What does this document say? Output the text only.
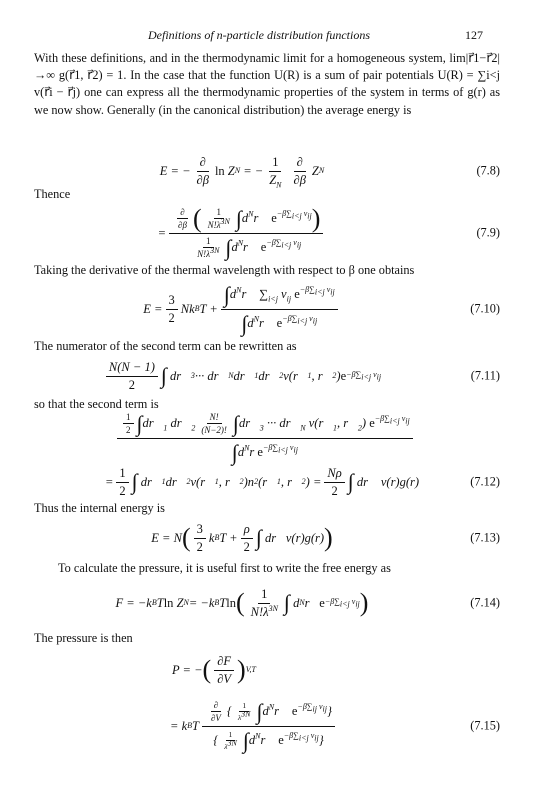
Definitions of n-particle distribution functions	127
With these definitions, and in the thermodynamic limit for a homogeneous system, lim|r⃗1−r⃗2|→∞ g(r⃗1, r⃗2) = 1. In the case that the function U(R) is a sum of pair potentials U(R) = ∑i<j v(r⃗i − r⃗j) one can express all the thermodynamic properties of the system in terms of g(r) as we now show. Generally (in the canonical distribution) the average energy is
E = − $\frac{\partial}{\partial\beta}$ ln Z N = − $\frac{1}{Z_N} \frac{\partial}{\partial\beta}$ Z N	(7.8)
Thence
= $\frac{\frac{\partial}{\partial\beta} ( \frac{1}{N!\lambda^{3N}} \int d^Nr⃗ e^{-\beta\sum_{i<j} v_{ij}})}{\frac{1}{N!\lambda^{3N}} \int d^Nr⃗ e^{-\beta\sum_{i<j} v_{ij}}}$	(7.9)
Taking the derivative of the thermal wavelength with respect to β one obtains
$E = \frac{3}{2}$ Nk B $T + \frac{\int d^Nr⃗ \sum_{i<j} v_{ij} e^{-\beta\sum_{i<j} v_{ij}}}{\int d^Nr⃗ e^{-\beta\sum_{i<j} v_{ij}}}$	(7.10)
The numerator of the second term can be rewritten as
$\frac{N(N - 1)}{2}$ ∫ dr⃗ 3 ··· dr⃗ N dr⃗ 1 dr⃗ 2 v(r⃗ 1 , r⃗ 2 ) $e -\beta\sum_{i<j}$ $v_{ij}$	(7.11)
so that the second term is
$\frac{\frac{1}{2} \int dr⃗_1 dr⃗_2 \frac{N!}{(N-2)!} \int dr⃗_3 \cdot\cdot\cdot dr⃗_N v(r⃗_1, r⃗_2) e^{-\beta\sum_{i<j} v_{ij}}}{\int d^Nr e^{-\beta\sum_{i<j} v_{ij}}}$
= $\frac{1}{2}$ ∫ dr⃗ 1 dr⃗ 2 v(r⃗ 1 , r⃗ 2 )n 2 (r⃗ 1 , r⃗ 2 ) = $\frac{N\rho}{2}$ ∫ dr⃗ v(r)g(r)	(7.12)
Thus the internal energy is
E = N ( $\frac{3}{2}$ k B $T + \frac{\rho}{2}$ ∫ dr⃗v(r)g(r) )	(7.13)
To calculate the pressure, it is useful first to write the free energy as
F = −k B T ln Z N = −k B T ln ( $\frac{1}{N!\lambda^{3N}}$ ∫ d N r⃗ $e -\beta\sum_{i<j}$ $v_{ij}$ )	(7.14)
The pressure is then
P = − ( $\frac{\partial F}{\partial V}$ ) V,T
= k B T $\frac{\frac{\partial}{\partial V} \{ \frac{1}{\lambda^{3N}} \int d^Nr⃗ e^{-\beta\sum_{ij} v_{ij}}\}}{\{ \frac{1}{\lambda^{3N}} \int d^Nr⃗ e^{-\beta\sum_{i<j} v_{ij}}\}}$	(7.15)
